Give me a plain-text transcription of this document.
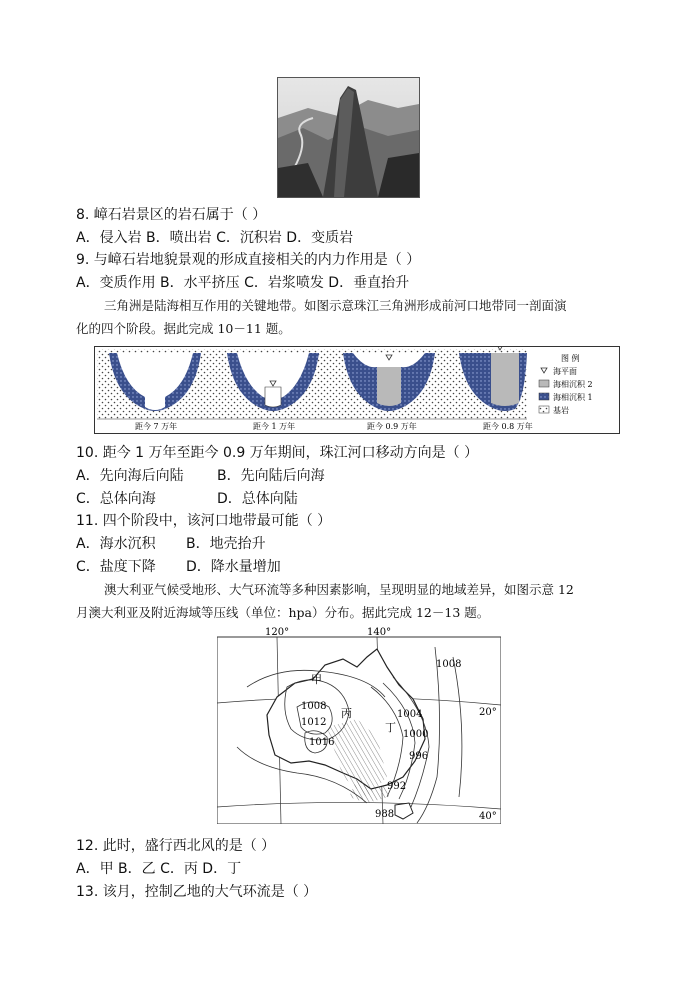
8. 嶂石岩景区的岩石属于（ ）
A．侵入岩 B．喷出岩 C．沉积岩 D．变质岩
9. 与嶂石岩地貌景观的形成直接相关的内力作用是（ ）
A．变质作用 B．水平挤压 C．岩浆喷发 D．垂直抬升
三角洲是陆海相互作用的关键地带。如图示意珠江三角洲形成前河口地带同一剖面演
化的四个阶段。据此完成 10－11 题。
距今 7 万年	距今 1 万年	距今 0.9 万年	距今 0.8 万年
图 例
海平面
海相沉积 2
海相沉积 1
基岩
10. 距今 1 万年至距今 0.9 万年期间，珠江河口移动方向是（ ）
A．先向海后向陆 B．先向陆后向海
C．总体向海	D．总体向陆
11. 四个阶段中，该河口地带最可能（ ）
A．海水沉积 B．地壳抬升
C．盐度下降 D．降水量增加
澳大利亚气候受地形、大气环流等多种因素影响，呈现明显的地域差异，如图示意 12
月澳大利亚及附近海域等压线（单位：hpa）分布。据此完成 12－13 题。
120°	140°
20°
40°
1008
1008
1012
1016
1004
1000
996
992
988
甲
丙
丁
12. 此时，盛行西北风的是（ ）
A．甲 B．乙 C．丙 D．丁
13. 该月，控制乙地的大气环流是（ ）
